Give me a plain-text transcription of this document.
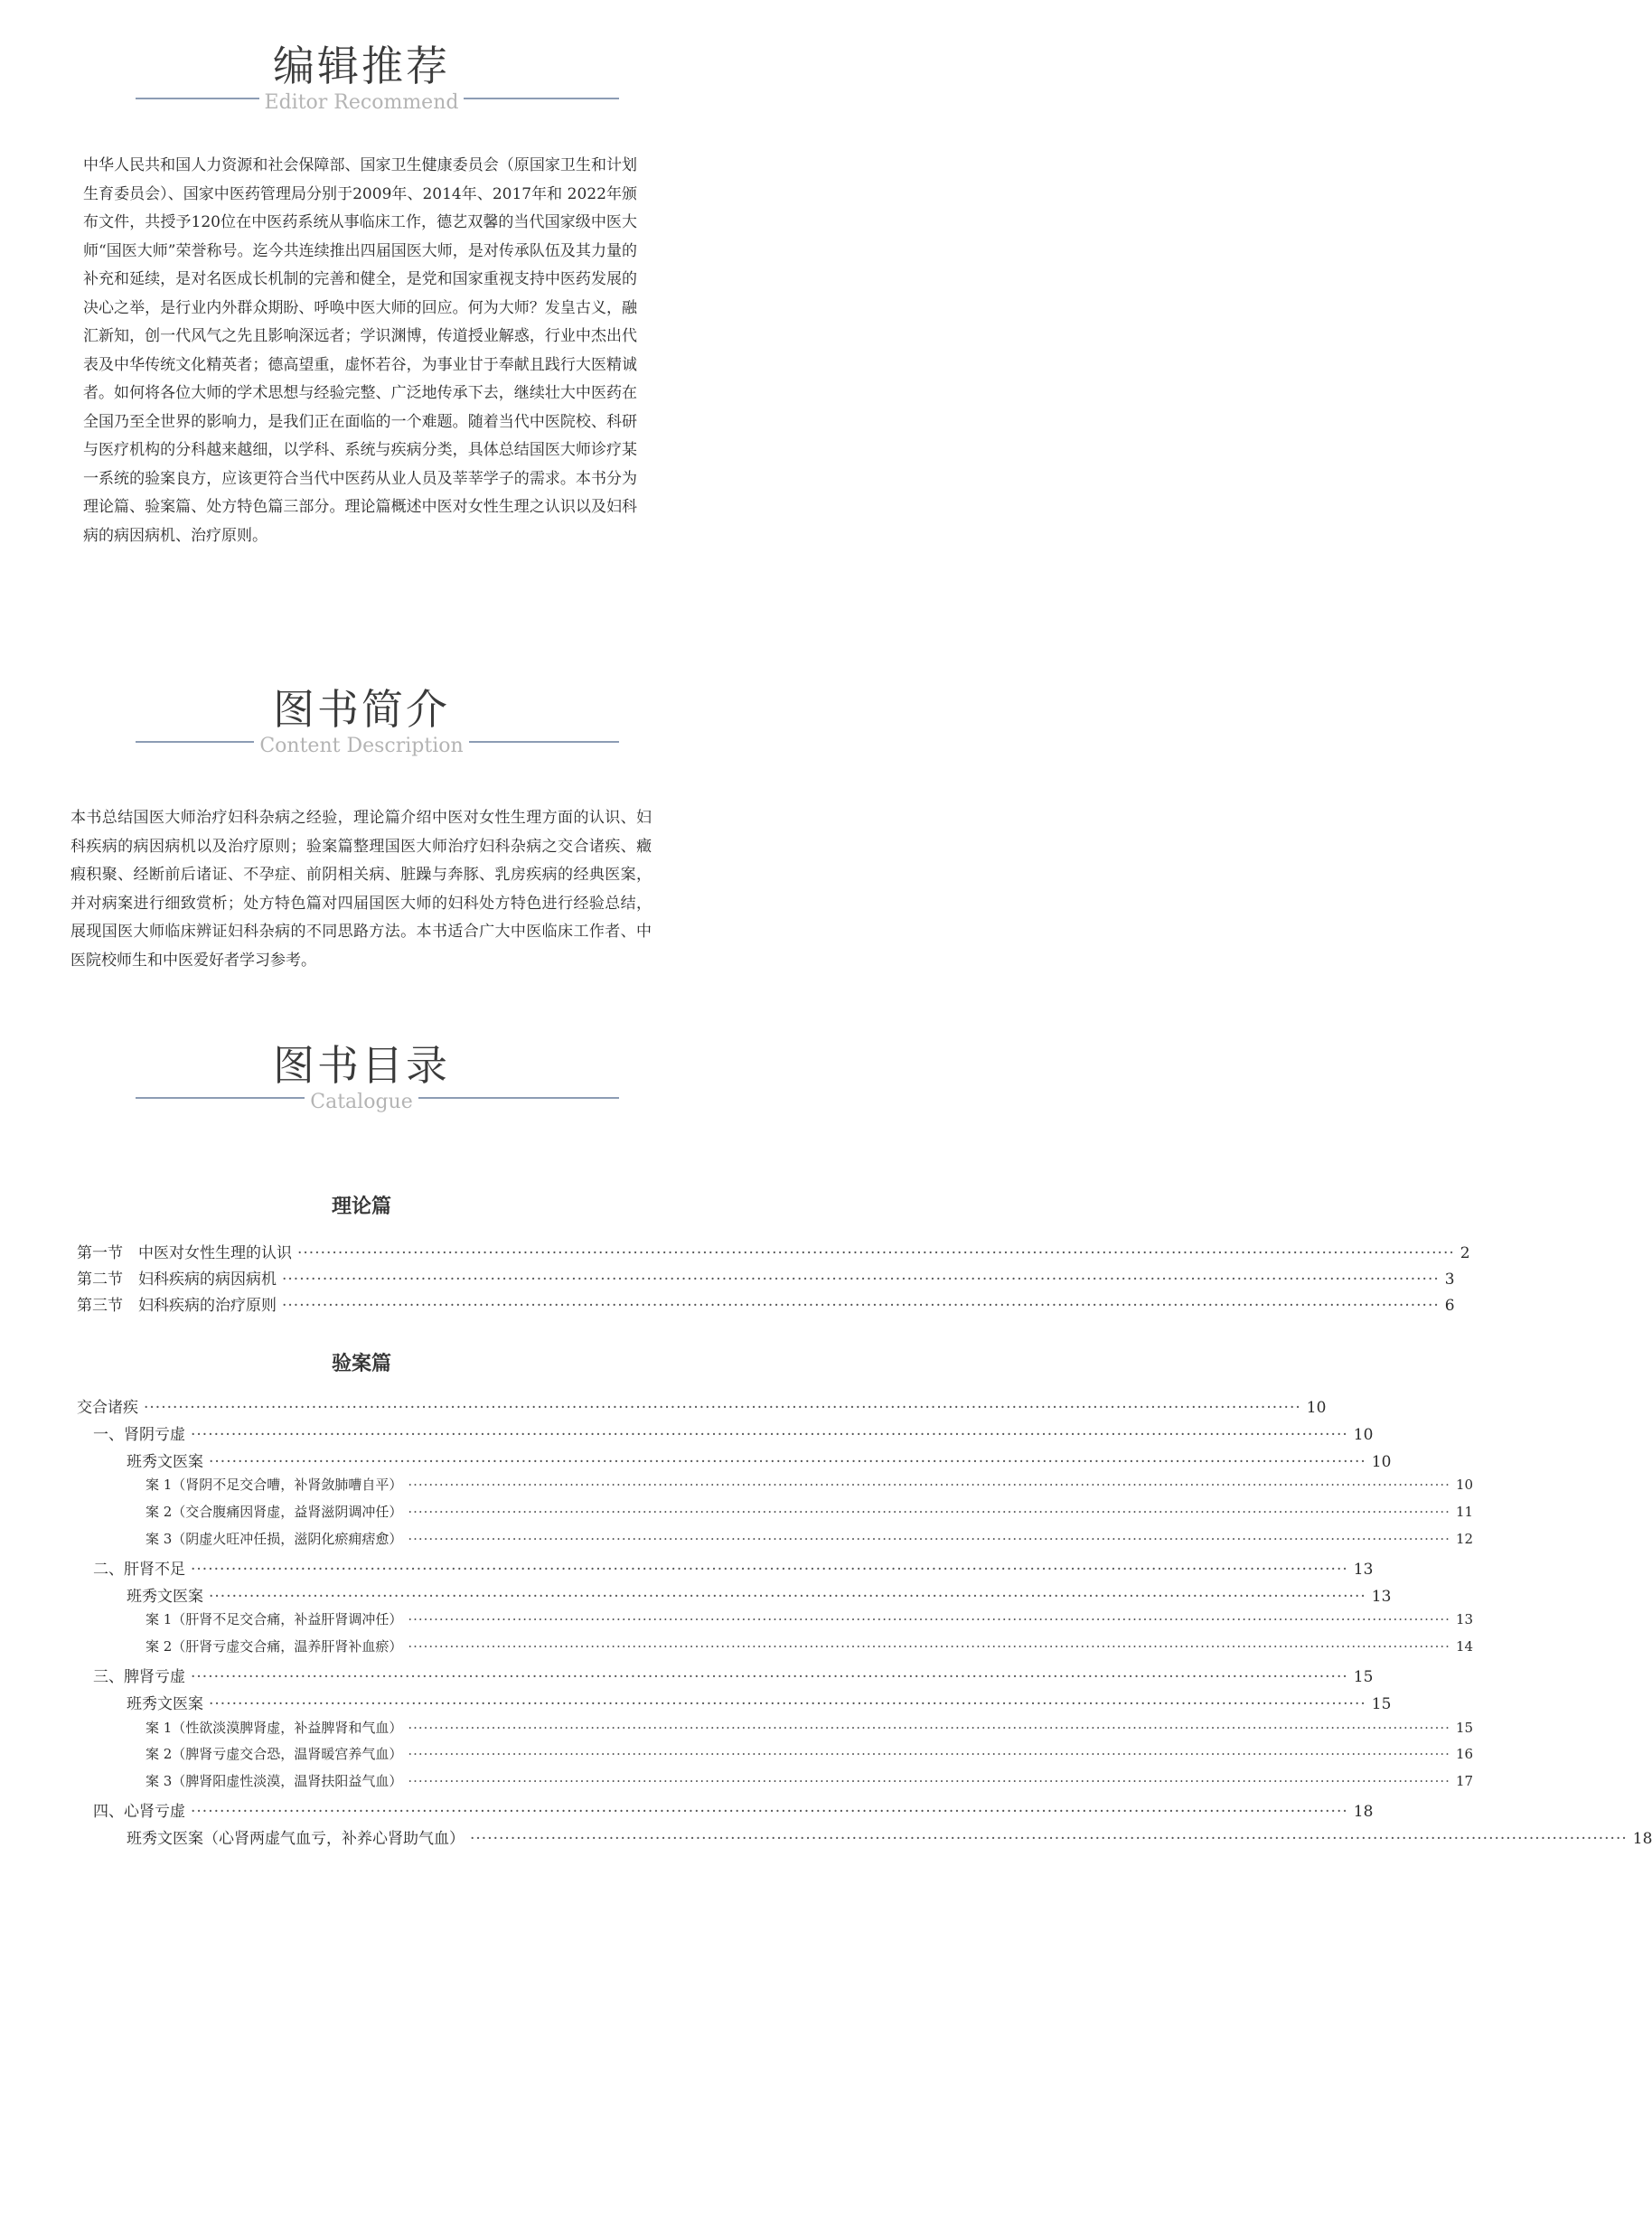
编辑推荐
Editor Recommend
中华人民共和国人力资源和社会保障部、国家卫生健康委员会（原国家卫生和计划生育委员会）、国家中医药管理局分别于2009年、2014年、2017年和 2022年颁布文件，共授予120位在中医药系统从事临床工作，德艺双馨的当代国家级中医大师“国医大师”荣誉称号。迄今共连续推出四届国医大师，是对传承队伍及其力量的补充和延续，是对名医成长机制的完善和健全，是党和国家重视支持中医药发展的决心之举，是行业内外群众期盼、呼唤中医大师的回应。何为大师？发皇古义，融汇新知，创一代风气之先且影响深远者；学识渊博，传道授业解惑，行业中杰出代表及中华传统文化精英者；德高望重，虚怀若谷，为事业甘于奉献且践行大医精诚者。如何将各位大师的学术思想与经验完整、广泛地传承下去，继续壮大中医药在全国乃至全世界的影响力，是我们正在面临的一个难题。随着当代中医院校、科研与医疗机构的分科越来越细，以学科、系统与疾病分类，具体总结国医大师诊疗某一系统的验案良方，应该更符合当代中医药从业人员及莘莘学子的需求。本书分为理论篇、验案篇、处方特色篇三部分。理论篇概述中医对女性生理之认识以及妇科病的病因病机、治疗原则。
图书简介
Content Description
本书总结国医大师治疗妇科杂病之经验，理论篇介绍中医对女性生理方面的认识、妇科疾病的病因病机以及治疗原则；验案篇整理国医大师治疗妇科杂病之交合诸疾、癥瘕积聚、经断前后诸证、不孕症、前阴相关病、脏躁与奔豚、乳房疾病的经典医案，并对病案进行细致赏析；处方特色篇对四届国医大师的妇科处方特色进行经验总结，展现国医大师临床辨证妇科杂病的不同思路方法。本书适合广大中医临床工作者、中医院校师生和中医爱好者学习参考。
图书目录
Catalogue
理论篇
第一节　中医对女性生理的认识 ········································································································································································································ 2
第二节　妇科疾病的病因病机 ········································································································································································································ 3
第三节　妇科疾病的治疗原则 ········································································································································································································ 6
验案篇
交合诸疾 ········································································································································································································ 10
一、肾阴亏虚 ········································································································································································································ 10
班秀文医案 ········································································································································································································ 10
案 1（肾阴不足交合嘈，补肾敛肺嘈自平） ········································································································································································································ 10
案 2（交合腹痛因肾虚，益肾滋阴调冲任） ········································································································································································································ 11
案 3（阴虚火旺冲任损，滋阴化瘀痈痞愈） ········································································································································································································ 12
二、肝肾不足 ········································································································································································································ 13
班秀文医案 ········································································································································································································ 13
案 1（肝肾不足交合痛，补益肝肾调冲任） ········································································································································································································ 13
案 2（肝肾亏虚交合痛，温养肝肾补血瘀） ········································································································································································································ 14
三、脾肾亏虚 ········································································································································································································ 15
班秀文医案 ········································································································································································································ 15
案 1（性欲淡漠脾肾虚，补益脾肾和气血） ········································································································································································································ 15
案 2（脾肾亏虚交合恐，温肾暖宫养气血） ········································································································································································································ 16
案 3（脾肾阳虚性淡漠，温肾扶阳益气血） ········································································································································································································ 17
四、心肾亏虚 ········································································································································································································ 18
班秀文医案（心肾两虚气血亏，补养心肾助气血） ········································································································································································································ 18
